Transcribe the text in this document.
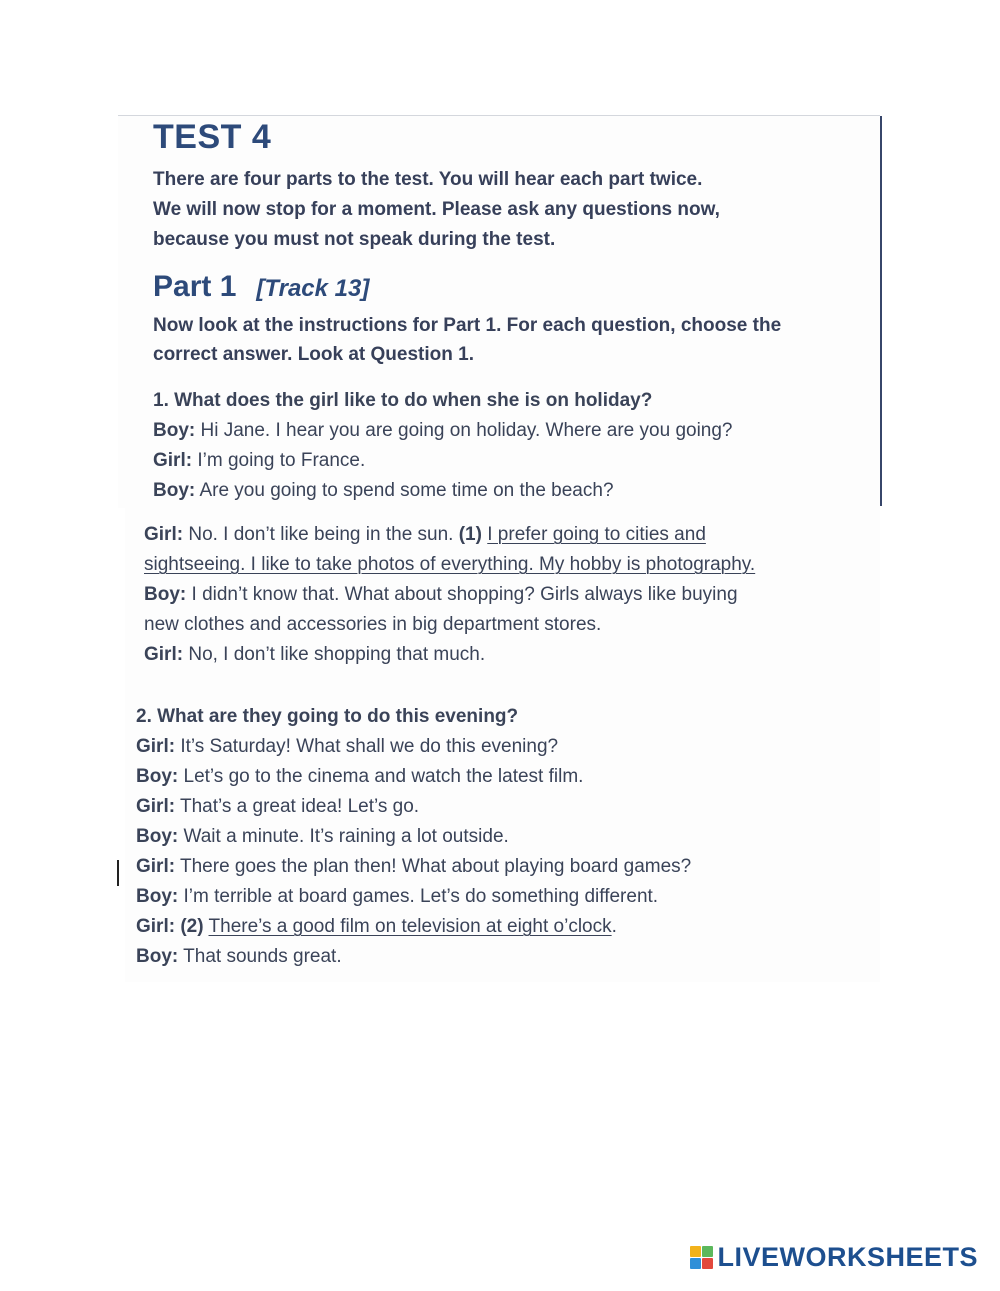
TEST 4
There are four parts to the test. You will hear each part twice.
We will now stop for a moment. Please ask any questions now,
because you must not speak during the test.
Part 1 [Track 13]
Now look at the instructions for Part 1. For each question, choose the
correct answer. Look at Question 1.
1. What does the girl like to do when she is on holiday?
Boy: Hi Jane. I hear you are going on holiday. Where are you going?
Girl: I’m going to France.
Boy: Are you going to spend some time on the beach?
Girl: No. I don’t like being in the sun. (1) I prefer going to cities and
sightseeing. I like to take photos of everything. My hobby is photography.
Boy: I didn’t know that. What about shopping? Girls always like buying
new clothes and accessories in big department stores.
Girl: No, I don’t like shopping that much.
2. What are they going to do this evening?
Girl: It’s Saturday! What shall we do this evening?
Boy: Let’s go to the cinema and watch the latest film.
Girl: That’s a great idea! Let’s go.
Boy: Wait a minute. It’s raining a lot outside.
Girl: There goes the plan then! What about playing board games?
Boy: I’m terrible at board games. Let’s do something different.
Girl: (2) There’s a good film on television at eight o’clock.
Boy: That sounds great.
LIVEWORKSHEETS
